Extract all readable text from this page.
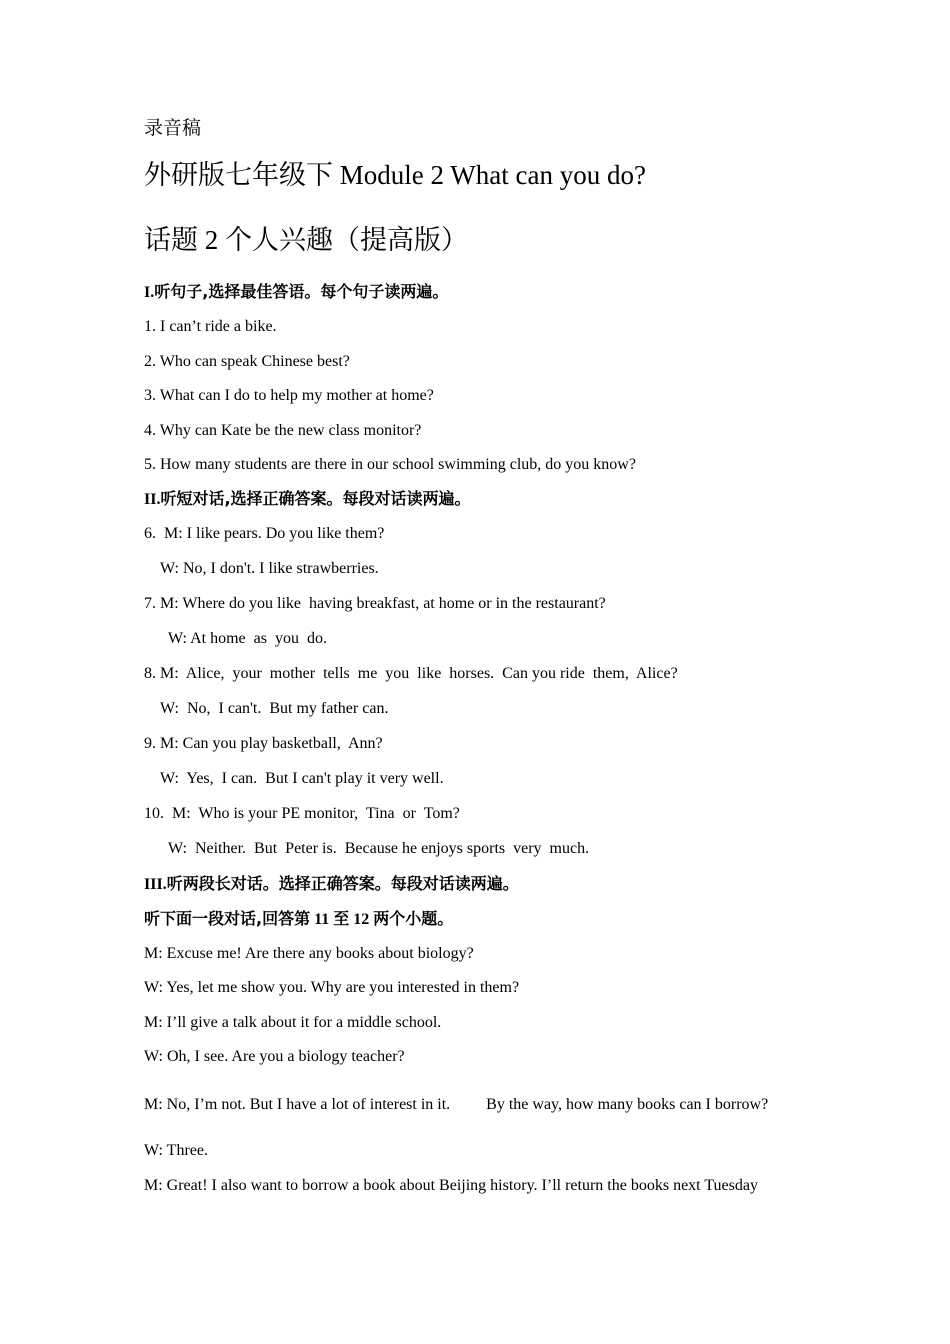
录音稿
外研版七年级下 Module 2 What can you do?
话题 2 个人兴趣（提高版）
I.听句子,选择最佳答语。每个句子读两遍。
1. I can’t ride a bike.
2. Who can speak Chinese best?
3. What can I do to help my mother at home?
4. Why can Kate be the new class monitor?
5. How many students are there in our school swimming club, do you know?
II.听短对话,选择正确答案。每段对话读两遍。
6.  M: I like pears. Do you like them?
W: No, I don't. I like strawberries.
7. M: Where do you like  having breakfast, at home or in the restaurant?
W: At home  as  you  do.
8. M:  Alice,  your  mother  tells  me  you  like  horses.  Can you ride  them,  Alice?
W:  No,  I can't.  But my father can.
9. M: Can you play basketball,  Ann?
W:  Yes,  I can.  But I can't play it very well.
10.  M:  Who is your PE monitor,  Tina  or  Tom?
W:  Neither.  But  Peter is.  Because he enjoys sports  very  much.
III.听两段长对话。选择正确答案。每段对话读两遍。
听下面一段对话,回答第 11 至 12 两个小题。
M: Excuse me! Are there any books about biology?
W: Yes, let me show you. Why are you interested in them?
M: I’ll give a talk about it for a middle school.
W: Oh, I see. Are you a biology teacher?
M: No, I’m not. But I have a lot of interest in it.         By the way, how many books can I borrow?
W: Three.
M: Great! I also want to borrow a book about Beijing history. I’ll return the books next Tuesday
